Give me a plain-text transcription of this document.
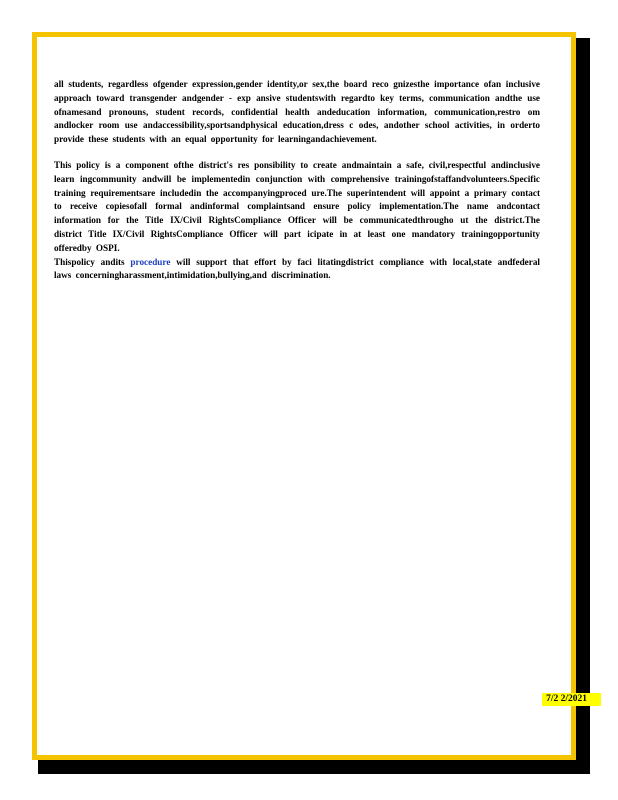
all students, regardless ofgender expression,gender identity,or sex,the board reco gnizesthe importance ofan inclusive approach toward transgender andgender - exp ansive studentswith regardto key terms, communication andthe use ofnamesand pronouns, student records, confidential health andeducation information, communication,restro om andlocker room use andaccessibility,sportsandphysical education,dress c odes, andother school activities, in orderto provide these students with an equal opportunity for learningandachievement.

This policy is a component ofthe district's res ponsibility to create andmaintain a safe, civil,respectful andinclusive learn ingcommunity andwill be implementedin conjunction with comprehensive trainingofstaffandvolunteers.Specific training requirementsare includedin the accompanyingproced ure.The superintendent will appoint a primary contact to receive copiesofall formal andinformal complaintsand ensure policy implementation.The name andcontact information for the Title IX/Civil RightsCompliance Officer will be communicatedthrougho ut the district.The district Title IX/Civil RightsCompliance Officer will part icipate in at least one mandatory trainingopportunity offeredby OSPI.

Thispolicy andits procedure will support that effort by faci litatingdistrict compliance with local,state andfederal laws concerningharassment,intimidation,bullying,and discrimination.

7/2 2/2021
